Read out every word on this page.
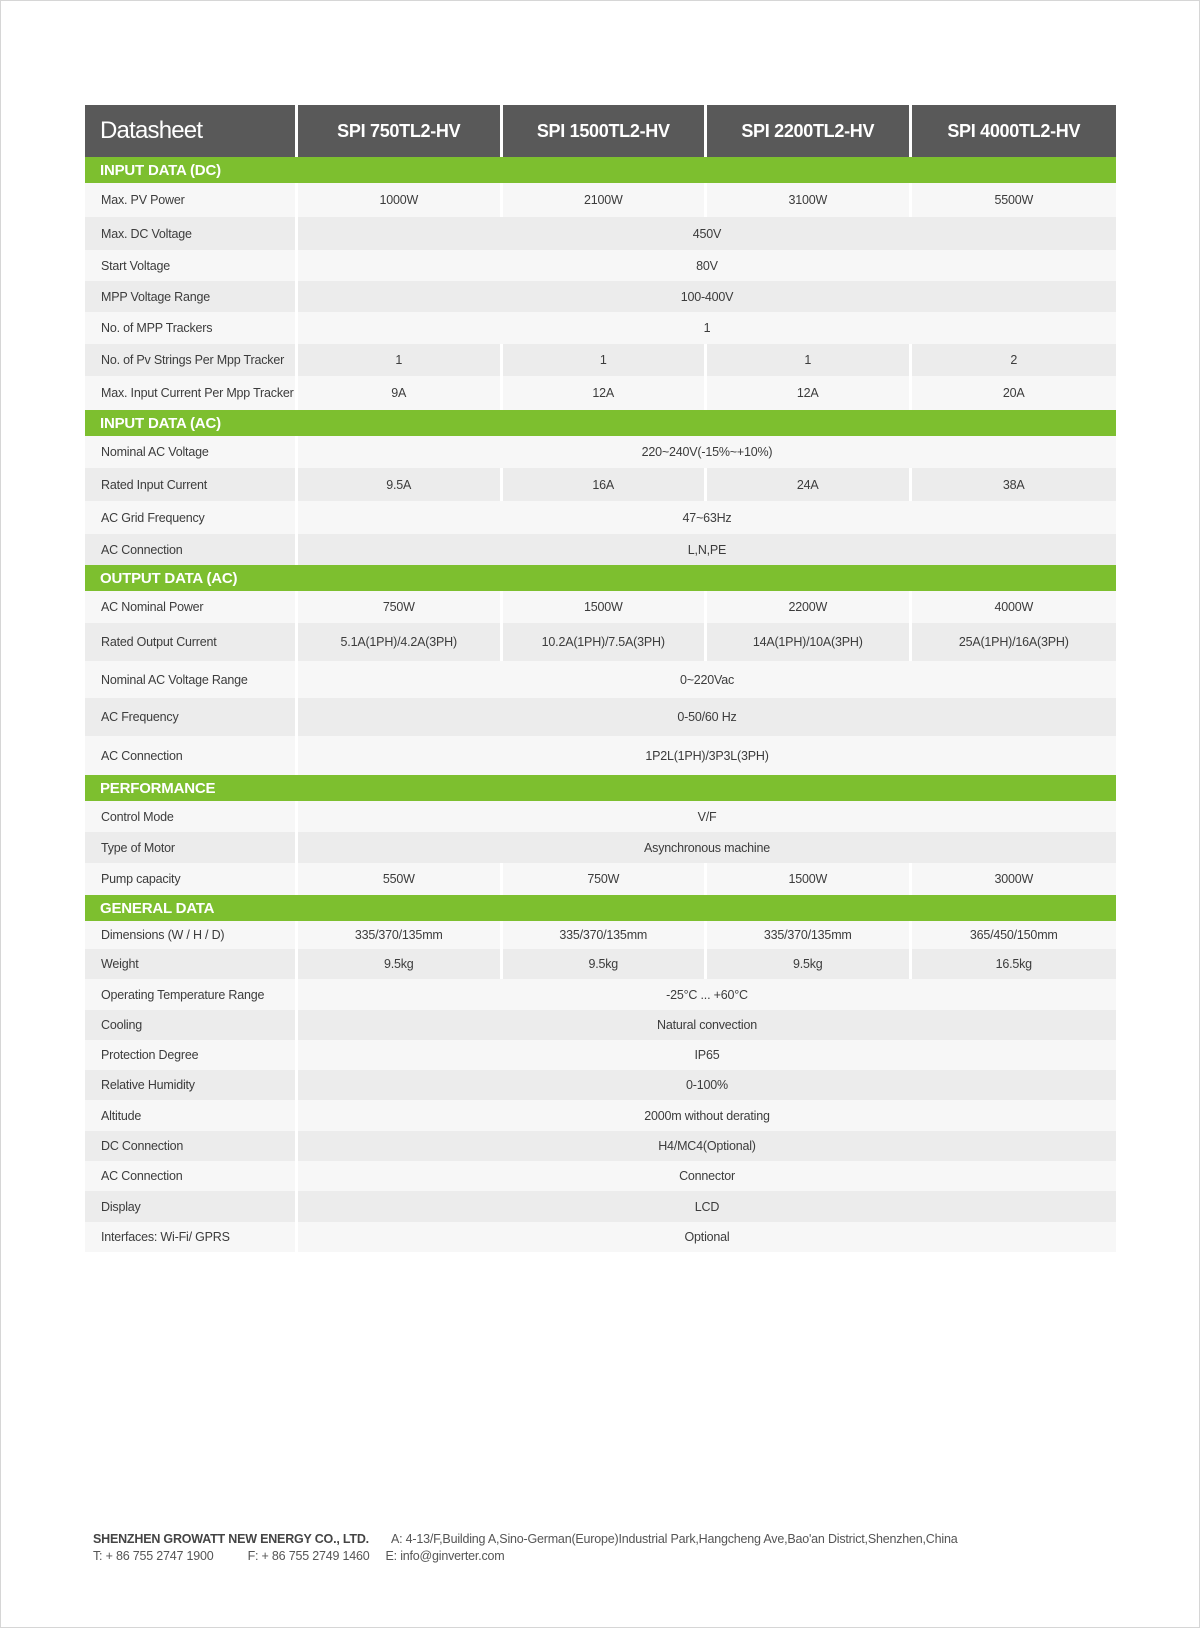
Datasheet	SPI 750TL2-HV	SPI 1500TL2-HV	SPI 2200TL2-HV	SPI 4000TL2-HV
INPUT DATA (DC)				
Max. PV Power	1000W	2100W	3100W	5500W
Max. DC Voltage	450V			
Start Voltage	80V			
MPP Voltage Range	100-400V			
No. of MPP Trackers	1			
No. of Pv Strings Per Mpp Tracker	1	1	1	2
Max. Input Current Per Mpp Tracker	9A	12A	12A	20A
INPUT DATA (AC)				
Nominal AC Voltage	220~240V(-15%~+10%)			
Rated Input Current	9.5A	16A	24A	38A
AC Grid Frequency	47~63Hz			
AC Connection	L,N,PE			
OUTPUT DATA (AC)				
AC Nominal Power	750W	1500W	2200W	4000W
Rated Output Current	5.1A(1PH)/4.2A(3PH)	10.2A(1PH)/7.5A(3PH)	14A(1PH)/10A(3PH)	25A(1PH)/16A(3PH)
Nominal AC Voltage Range	0~220Vac			
AC Frequency	0-50/60 Hz			
AC Connection	1P2L(1PH)/3P3L(3PH)			
PERFORMANCE				
Control Mode	V/F			
Type of Motor	Asynchronous machine			
Pump capacity	550W	750W	1500W	3000W
GENERAL DATA				
Dimensions (W / H / D)	335/370/135mm	335/370/135mm	335/370/135mm	365/450/150mm
Weight	9.5kg	9.5kg	9.5kg	16.5kg
Operating Temperature Range	-25°C ... +60°C			
Cooling	Natural convection			
Protection Degree	IP65			
Relative Humidity	0-100%			
Altitude	2000m without derating			
DC Connection	H4/MC4(Optional)			
AC Connection	Connector			
Display	LCD			
Interfaces: Wi-Fi/ GPRS	Optional			
SHENZHEN GROWATT NEW ENERGY CO., LTD. A: 4-13/F,Building A,Sino-German(Europe)Industrial Park,Hangcheng Ave,Bao'an District,Shenzhen,China
T: + 86 755 2747 1900	F: + 86 755 2749 1460 E: info@ginverter.com
